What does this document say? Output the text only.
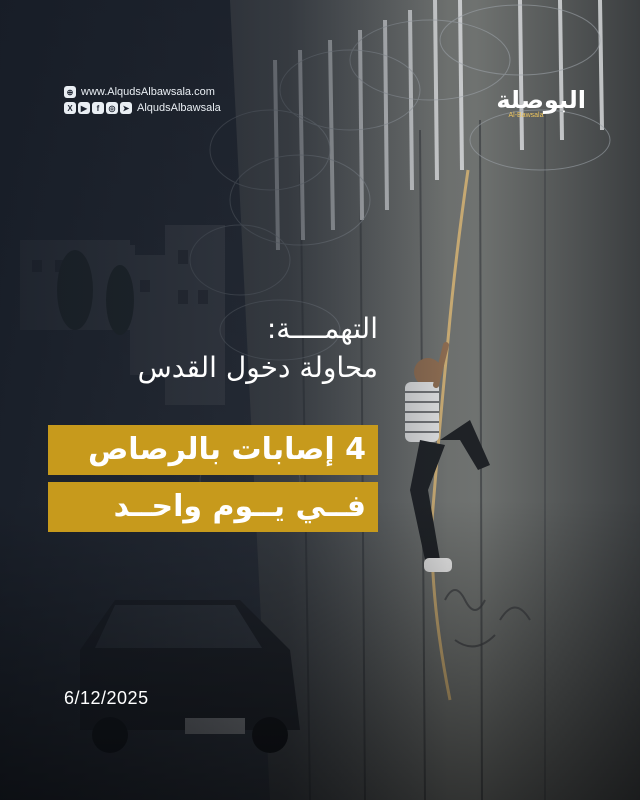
⊕ www.AlqudsAlbawsala.com
X	▶	f	◎ ➤ AlqudsAlbawsala	البوصلة
Al-Bawsala
التهمــــة:
محاولة دخول القدس
4 إصابات بالرصاص
فــي يــوم واحــد
6/12/2025
